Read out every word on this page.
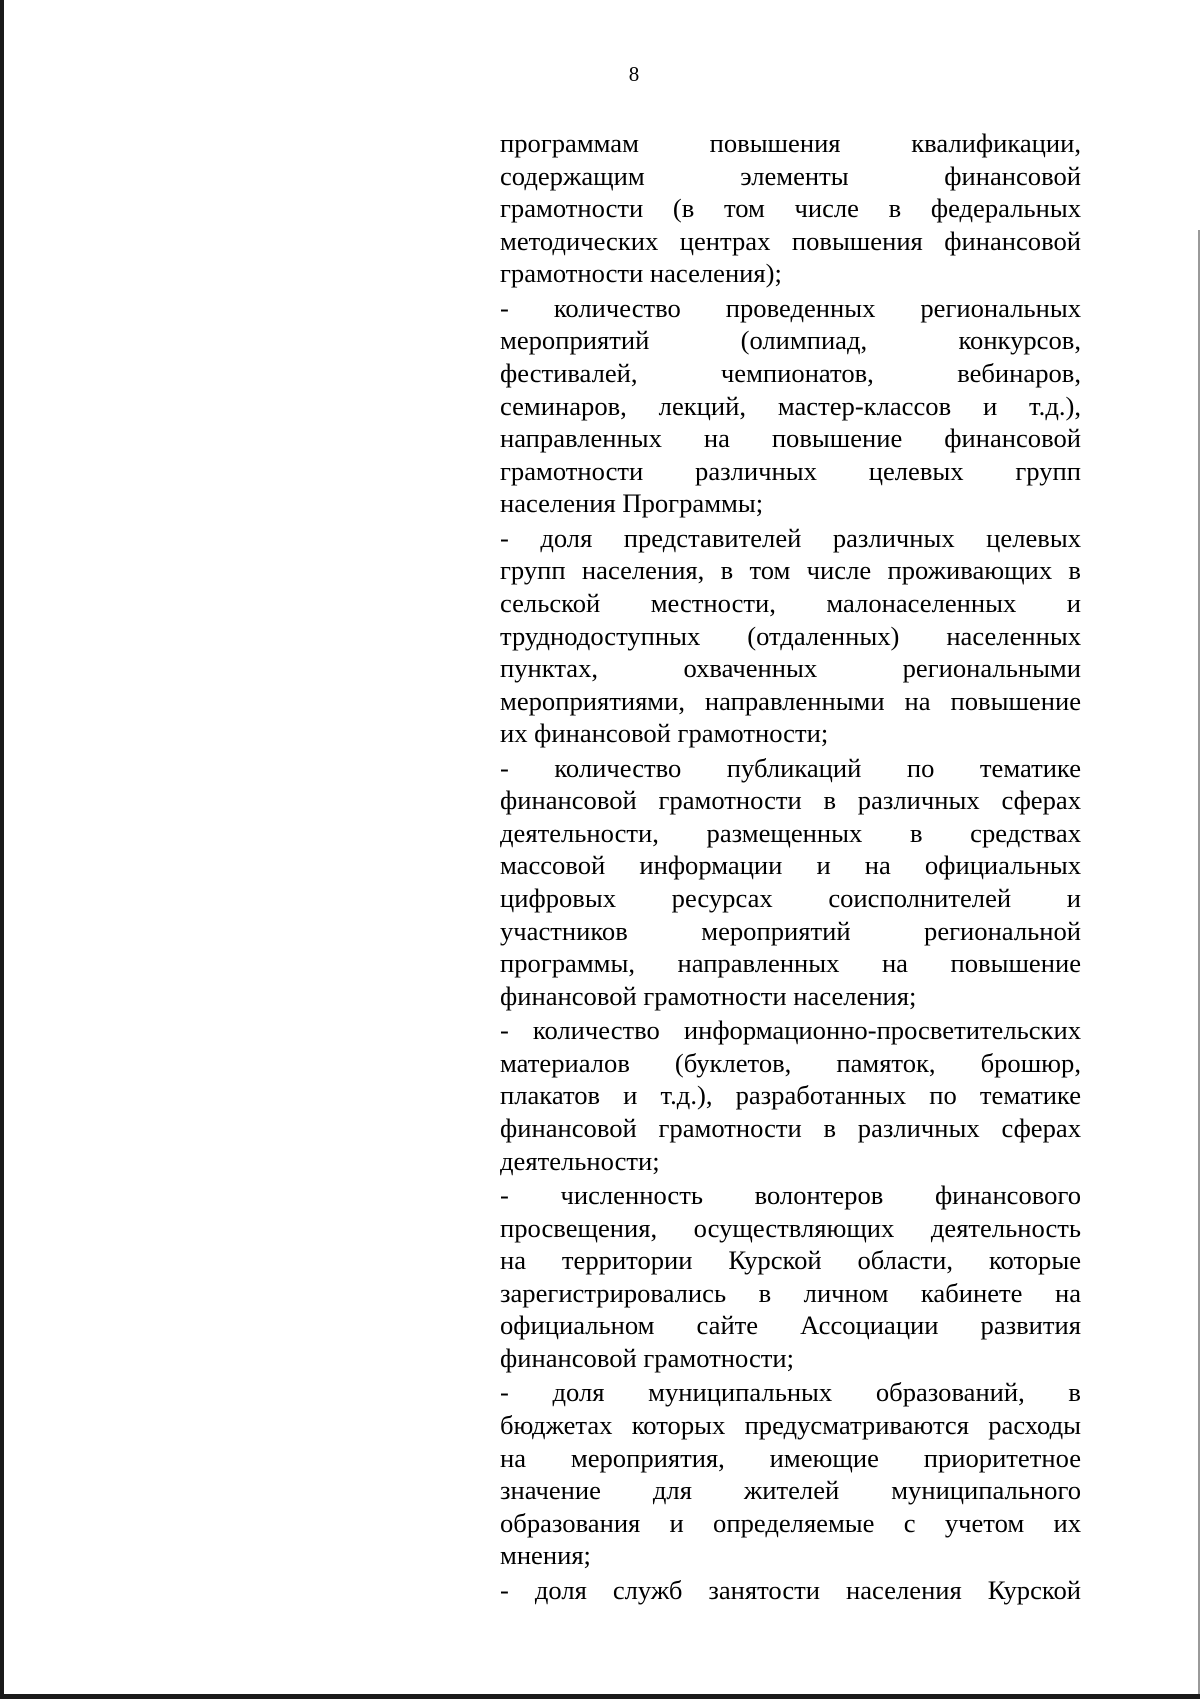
8

программам повышения квалификации,
содержащим элементы финансовой
грамотности (в том числе в федеральных
методических центрах повышения финансовой
грамотности населения);

- количество проведенных региональных
мероприятий (олимпиад, конкурсов,
фестивалей, чемпионатов, вебинаров,
семинаров, лекций, мастер-классов и т.д.),
направленных на повышение финансовой
грамотности различных целевых групп
населения Программы;

- доля представителей различных целевых
групп населения, в том числе проживающих в
сельской местности, малонаселенных и
труднодоступных (отдаленных) населенных
пунктах, охваченных региональными
мероприятиями, направленными на повышение
их финансовой грамотности;

- количество публикаций по тематике
финансовой грамотности в различных сферах
деятельности, размещенных в средствах
массовой информации и на официальных
цифровых ресурсах соисполнителей и
участников мероприятий региональной
программы, направленных на повышение
финансовой грамотности населения;

- количество информационно-просветительских
материалов (буклетов, памяток, брошюр,
плакатов и т.д.), разработанных по тематике
финансовой грамотности в различных сферах
деятельности;

- численность волонтеров финансового
просвещения, осуществляющих деятельность
на территории Курской области, которые
зарегистрировались в личном кабинете на
официальном сайте Ассоциации развития
финансовой грамотности;

- доля муниципальных образований, в
бюджетах которых предусматриваются расходы
на мероприятия, имеющие приоритетное
значение для жителей муниципального
образования и определяемые с учетом их
мнения;

- доля служб занятости населения Курской
